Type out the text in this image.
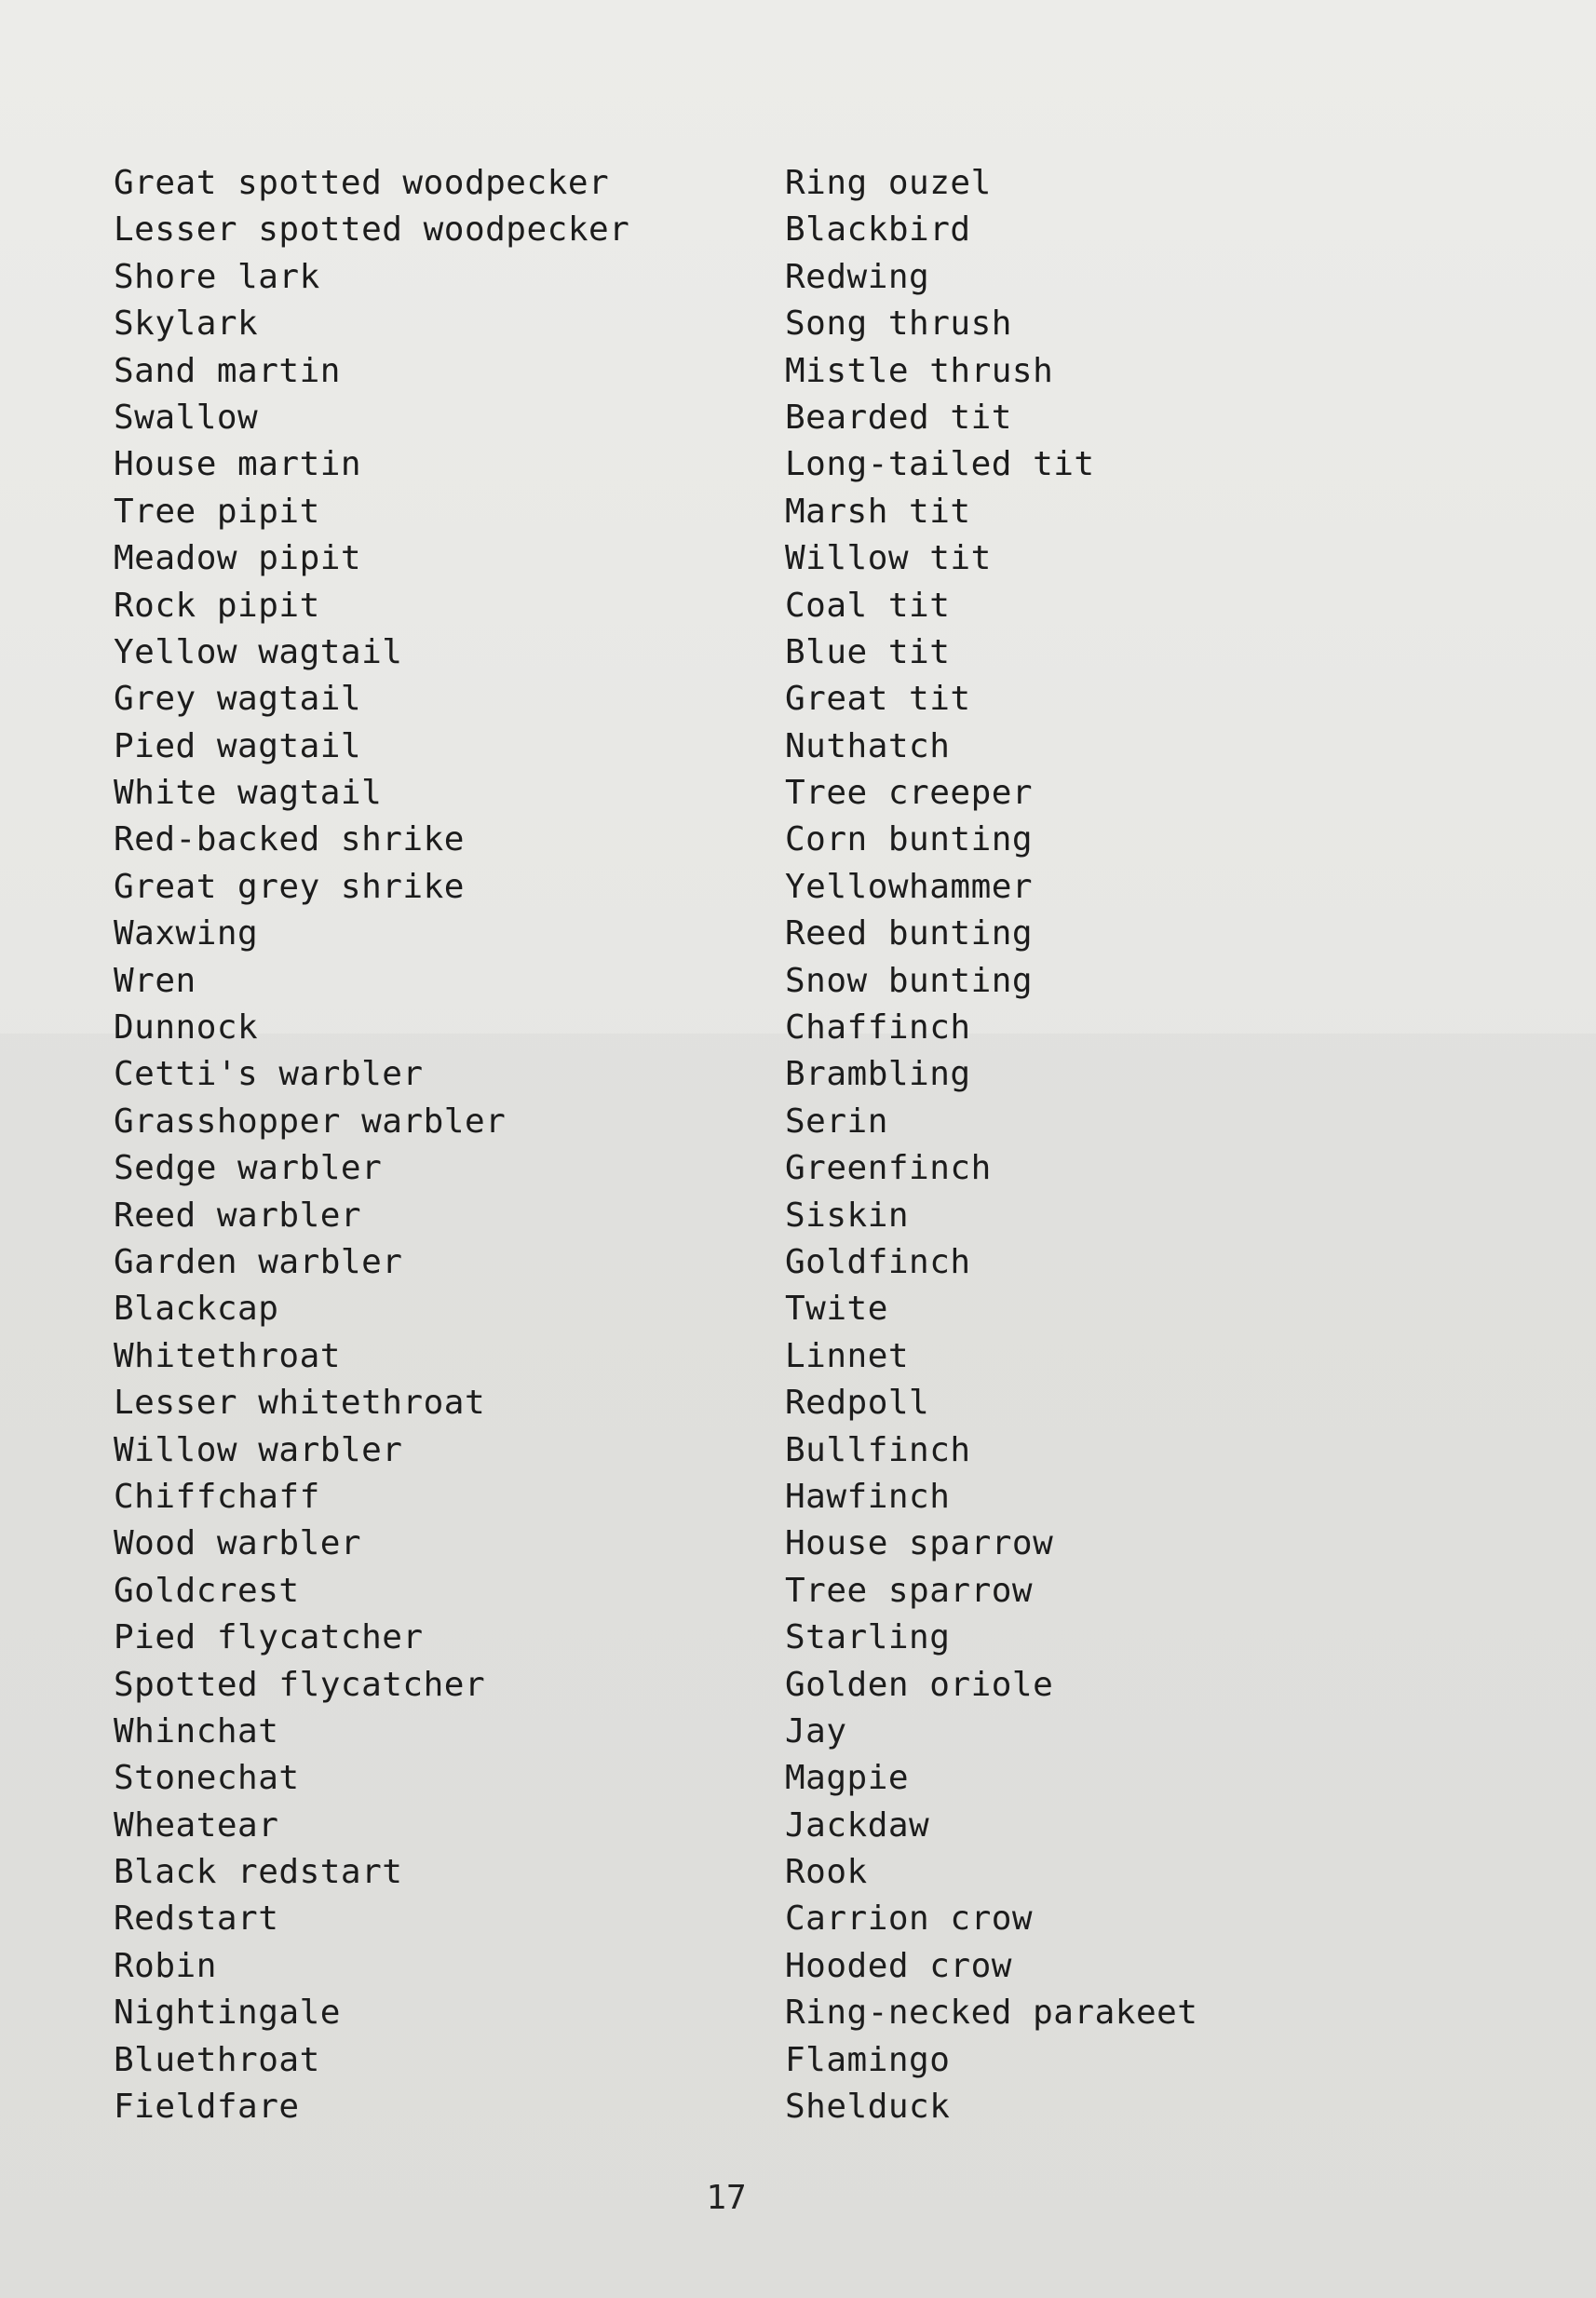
Great spotted woodpecker
Lesser spotted woodpecker
Shore lark
Skylark
Sand martin
Swallow
House martin
Tree pipit
Meadow pipit
Rock pipit
Yellow wagtail
Grey wagtail
Pied wagtail
White wagtail
Red-backed shrike
Great grey shrike
Waxwing
Wren
Dunnock
Cetti's warbler
Grasshopper warbler
Sedge warbler
Reed warbler
Garden warbler
Blackcap
Whitethroat
Lesser whitethroat
Willow warbler
Chiffchaff
Wood warbler
Goldcrest
Pied flycatcher
Spotted flycatcher
Whinchat
Stonechat
Wheatear
Black redstart
Redstart
Robin
Nightingale
Bluethroat
Fieldfare
Ring ouzel
Blackbird
Redwing
Song thrush
Mistle thrush
Bearded tit
Long-tailed tit
Marsh tit
Willow tit
Coal tit
Blue tit
Great tit
Nuthatch
Tree creeper
Corn bunting
Yellowhammer
Reed bunting
Snow bunting
Chaffinch
Brambling
Serin
Greenfinch
Siskin
Goldfinch
Twite
Linnet
Redpoll
Bullfinch
Hawfinch
House sparrow
Tree sparrow
Starling
Golden oriole
Jay
Magpie
Jackdaw
Rook
Carrion crow
Hooded crow
Ring-necked parakeet
Flamingo
Shelduck
17
